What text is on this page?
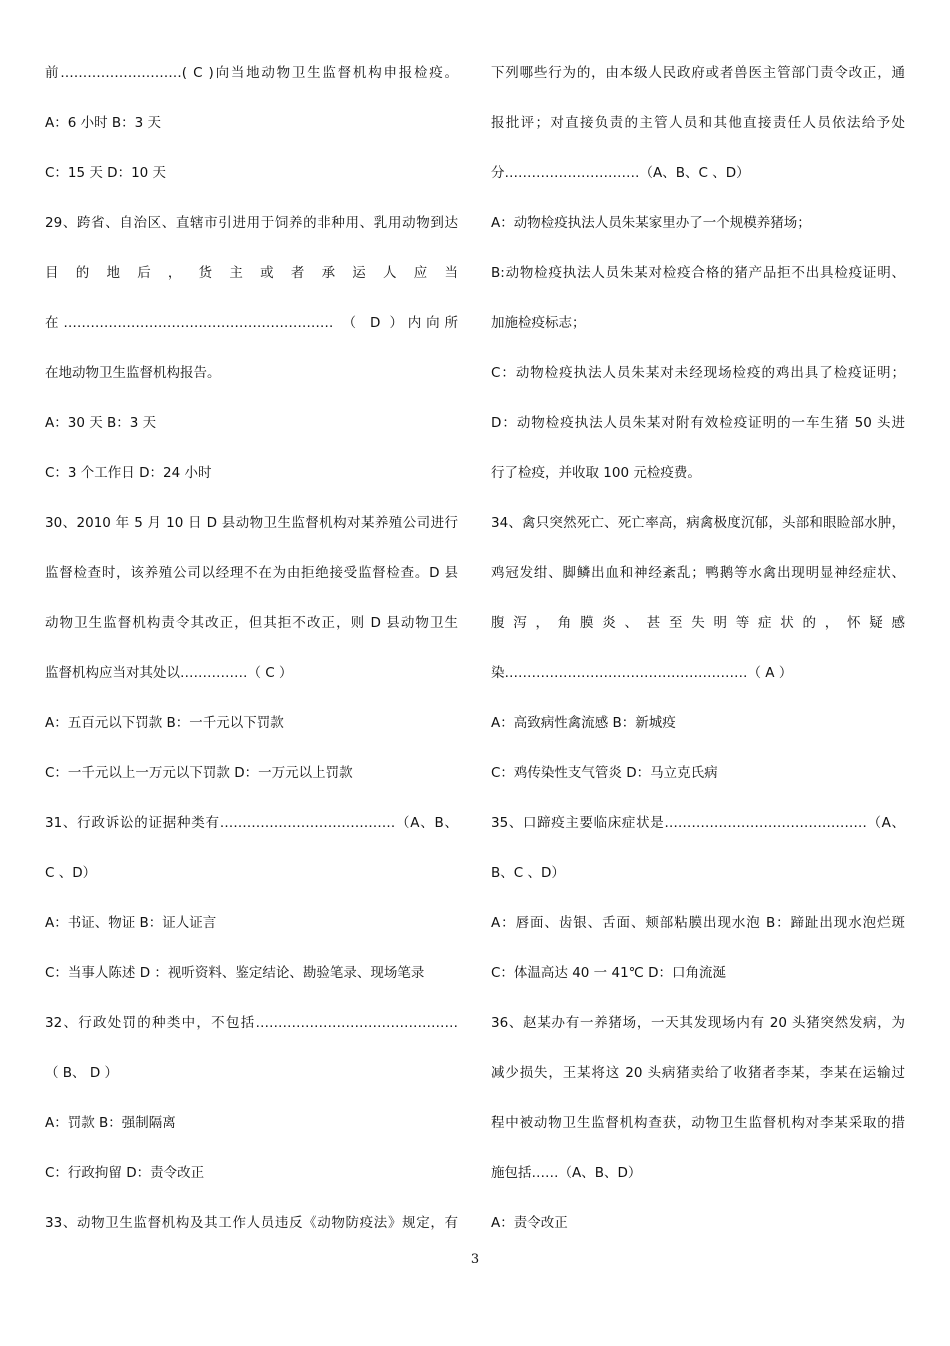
前………………………( C )向当地动物卫生监督机构申报检疫。
A：6 小时 B：3 天
C：15 天 D：10 天
29、跨省、自治区、直辖市引进用于饲养的非种用、乳用动物到达
目 的 地 后 ， 货 主 或 者 承 运 人 应 当
在…………………………………………………… （ D ）内向所
在地动物卫生监督机构报告。
A：30 天 B：3 天
C：3 个工作日 D：24 小时
30、2010 年 5 月 10 日 D 县动物卫生监督机构对某养殖公司进行
监督检查时，该养殖公司以经理不在为由拒绝接受监督检查。D 县
动物卫生监督机构责令其改正，但其拒不改正，则 D 县动物卫生
监督机构应当对其处以……………（ C ）
A：五百元以下罚款 B：一千元以下罚款
C：一千元以上一万元以下罚款 D：一万元以上罚款
31、行政诉讼的证据种类有…………………………………（A、B、
C 、D）
A：书证、物证 B：证人证言
C：当事人陈述 D ：视听资料、鉴定结论、勘验笔录、现场笔录
32、行政处罚的种类中，不包括………………………………………
（ B、 D ）
A：罚款 B：强制隔离
C：行政拘留 D：责令改正
33、动物卫生监督机构及其工作人员违反《动物防疫法》规定，有
下列哪些行为的，由本级人民政府或者兽医主管部门责令改正，通
报批评；对直接负责的主管人员和其他直接责任人员依法给予处
分…………………………（A、B、C 、D）
A：动物检疫执法人员朱某家里办了一个规模养猪场；
B:动物检疫执法人员朱某对检疫合格的猪产品拒不出具检疫证明、
加施检疫标志；
C：动物检疫执法人员朱某对未经现场检疫的鸡出具了检疫证明；
D：动物检疫执法人员朱某对附有效检疫证明的一车生猪 50 头进
行了检疫，并收取 100 元检疫费。
34、禽只突然死亡、死亡率高，病禽极度沉郁，头部和眼睑部水肿，
鸡冠发绀、脚鳞出血和神经紊乱；鸭鹅等水禽出现明显神经症状、
腹 泻 ， 角 膜 炎 、 甚 至 失 明 等 症 状 的 ， 怀 疑 感
染………………………………………………（ A ）
A：高致病性禽流感 B：新城疫
C：鸡传染性支气管炎 D：马立克氏病
35、口蹄疫主要临床症状是………………………………………（A、
B、C 、D）
A：唇面、齿银、舌面、颊部粘膜出现水泡 B：蹄趾出现水泡烂斑
C：体温高达 40 一 41℃ D：口角流涎
36、赵某办有一养猪场，一天其发现场内有 20 头猪突然发病，为
减少损失，王某将这 20 头病猪卖给了收猪者李某，李某在运输过
程中被动物卫生监督机构查获，动物卫生监督机构对李某采取的措
施包括……（A、B、D）
A：责令改正
3
